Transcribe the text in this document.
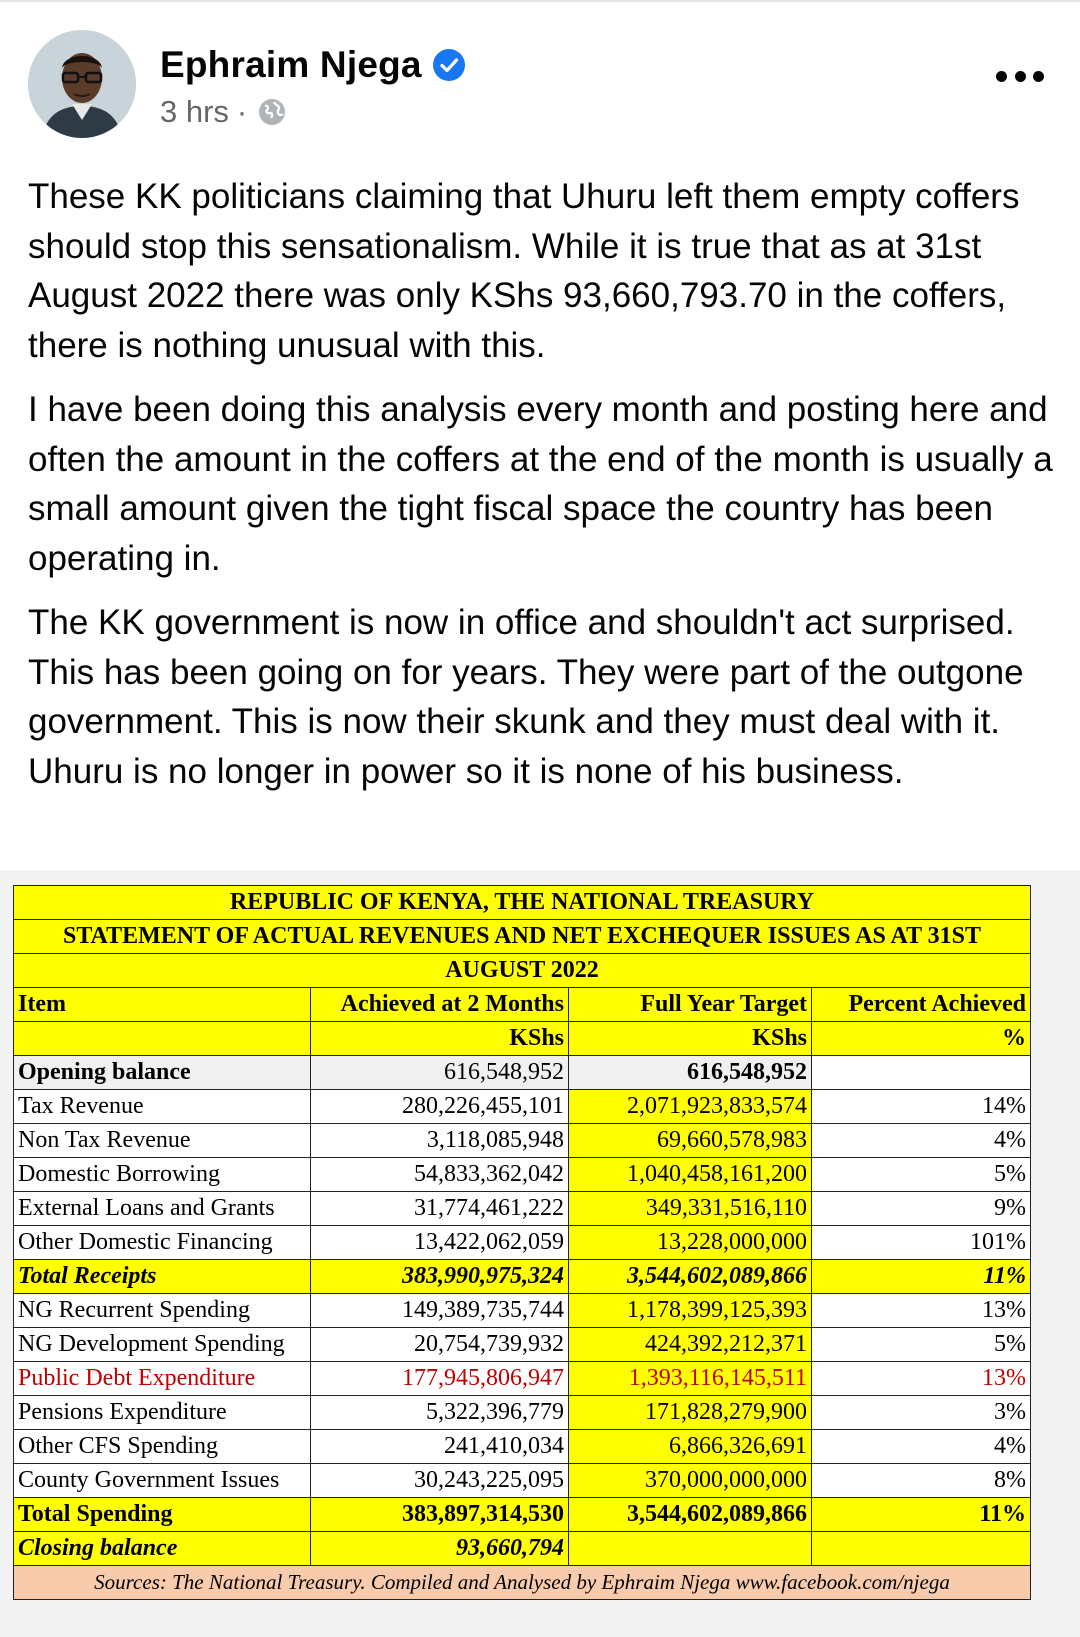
Ephraim Njega
3 hrs ·

These KK politicians claiming that Uhuru left them empty coffers should stop this sensationalism. While it is true that as at 31st August 2022 there was only KShs 93,660,793.70 in the coffers, there is nothing unusual with this.

I have been doing this analysis every month and posting here and often the amount in the coffers at the end of the month is usually a small amount given the tight fiscal space the country has been operating in.

The KK government is now in office and shouldn't act surprised. This has been going on for years. They were part of the outgone government. This is now their skunk and they must deal with it. Uhuru is no longer in power so it is none of his business.

REPUBLIC OF KENYA, THE NATIONAL TREASURY			
STATEMENT OF ACTUAL REVENUES AND NET EXCHEQUER ISSUES AS AT 31ST			
AUGUST 2022			
Item	Achieved at 2 Months	Full Year Target	Percent Achieved
	KShs	KShs	%
Opening balance	616,548,952	616,548,952	
Tax Revenue	280,226,455,101	2,071,923,833,574	14%
Non Tax Revenue	3,118,085,948	69,660,578,983	4%
Domestic Borrowing	54,833,362,042	1,040,458,161,200	5%
External Loans and Grants	31,774,461,222	349,331,516,110	9%
Other Domestic Financing	13,422,062,059	13,228,000,000	101%
Total Receipts	383,990,975,324	3,544,602,089,866	11%
NG Recurrent Spending	149,389,735,744	1,178,399,125,393	13%
NG Development Spending	20,754,739,932	424,392,212,371	5%
Public Debt Expenditure	177,945,806,947	1,393,116,145,511	13%
Pensions Expenditure	5,322,396,779	171,828,279,900	3%
Other CFS Spending	241,410,034	6,866,326,691	4%
County Government Issues	30,243,225,095	370,000,000,000	8%
Total Spending	383,897,314,530	3,544,602,089,866	11%
Closing balance	93,660,794		
Sources: The National Treasury. Compiled and Analysed by Ephraim Njega www.facebook.com/njega			
